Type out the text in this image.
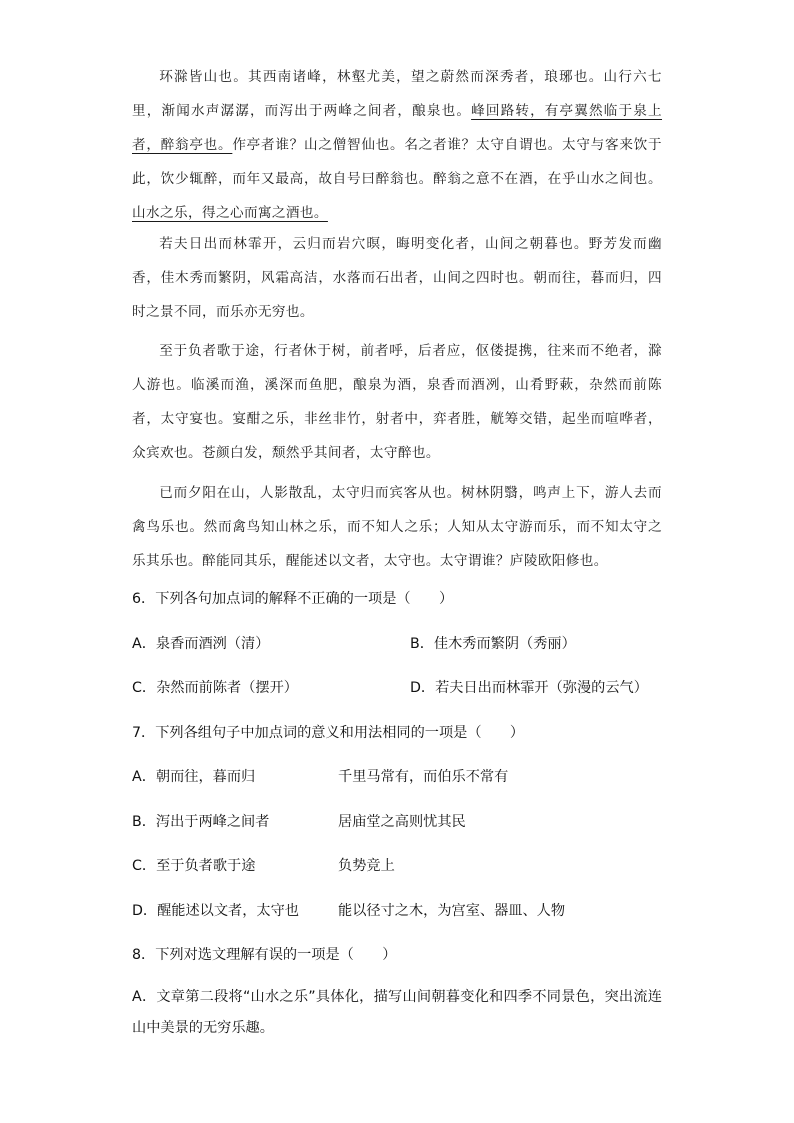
环滁皆山也。其西南诸峰，林壑尤美，望之蔚然而深秀者，琅琊也。山行六七里，渐闻水声潺潺，而泻出于两峰之间者，酿泉也。峰回路转，有亭翼然临于泉上者，醉翁亭也。作亭者谁？山之僧智仙也。名之者谁？太守自谓也。太守与客来饮于此，饮少辄醉，而年又最高，故自号曰醉翁也。醉翁之意不在酒，在乎山水之间也。山水之乐，得之心而寓之酒也。

若夫日出而林霏开，云归而岩穴暝，晦明变化者，山间之朝暮也。野芳发而幽香，佳木秀而繁阴，风霜高洁，水落而石出者，山间之四时也。朝而往，暮而归，四时之景不同，而乐亦无穷也。

至于负者歌于途，行者休于树，前者呼，后者应，伛偻提携，往来而不绝者，滁人游也。临溪而渔，溪深而鱼肥，酿泉为酒，泉香而酒冽，山肴野蔌，杂然而前陈者，太守宴也。宴酣之乐，非丝非竹，射者中，弈者胜，觥筹交错，起坐而喧哗者，众宾欢也。苍颜白发，颓然乎其间者，太守醉也。

已而夕阳在山，人影散乱，太守归而宾客从也。树林阴翳，鸣声上下，游人去而禽鸟乐也。然而禽鸟知山林之乐，而不知人之乐；人知从太守游而乐，而不知太守之乐其乐也。醉能同其乐，醒能述以文者，太守也。太守谓谁？庐陵欧阳修也。

6．下列各句加点词的解释不正确的一项是（　　）
A．泉香而酒洌（清）	B．佳木秀而繁阴（秀丽）
C．杂然而前陈者（摆开）	D．若夫日出而林霏开（弥漫的云气）
7．下列各组句子中加点词的意义和用法相同的一项是（　　）
A．朝而往，暮而归	千里马常有，而伯乐不常有
B．泻出于两峰之间者	居庙堂之高则忧其民
C．至于负者歌于途	负势竞上
D．醒能述以文者，太守也	能以径寸之木，为宫室、器皿、人物
8．下列对选文理解有误的一项是（　　）
A．文章第二段将“山水之乐”具体化，描写山间朝暮变化和四季不同景色，突出流连山中美景的无穷乐趣。
